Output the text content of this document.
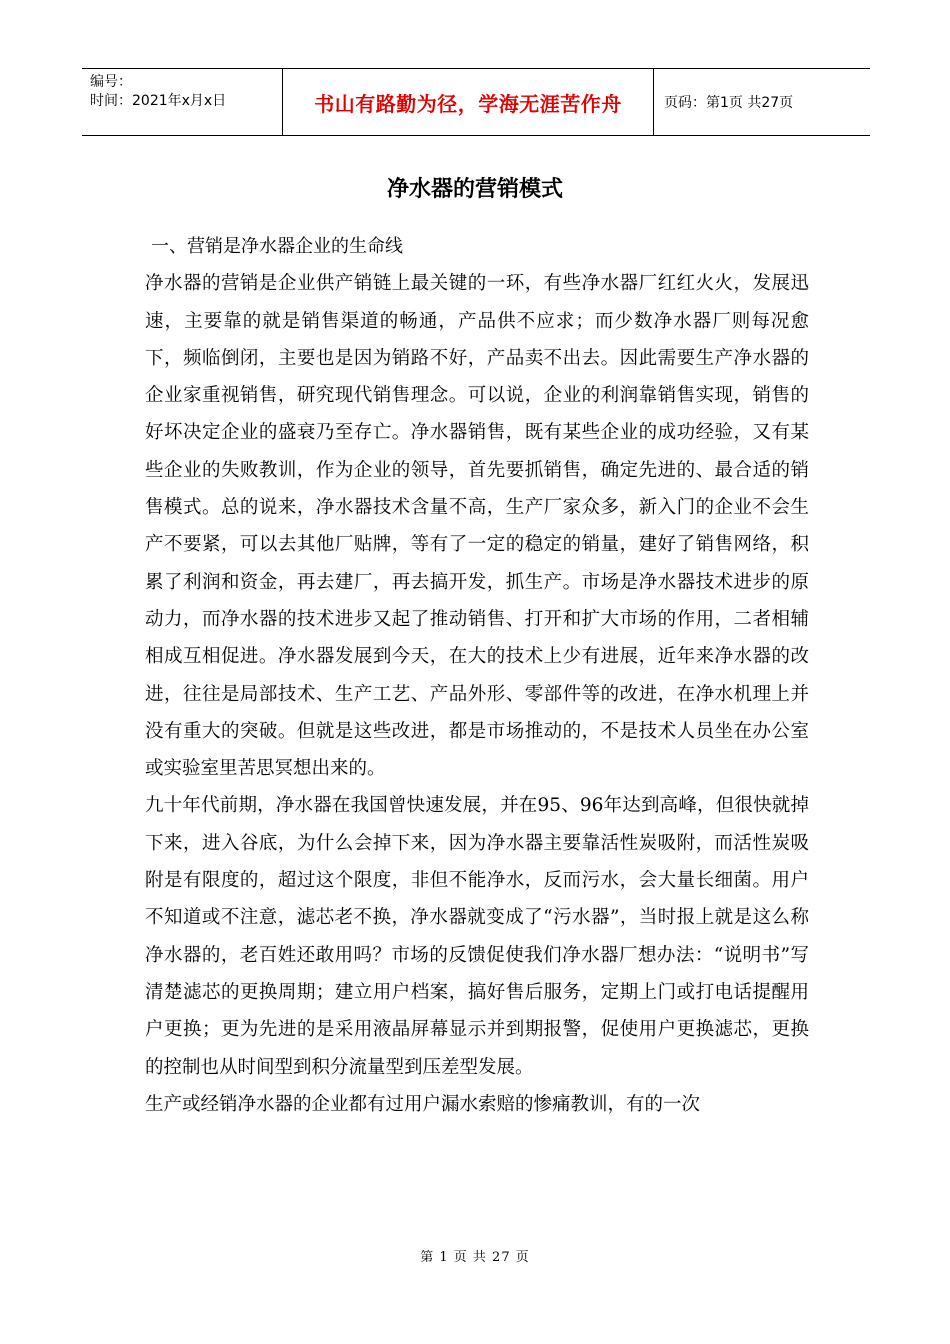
编号：
时间：2021年x月x日	书山有路勤为径，学海无涯苦作舟	页码：第1页 共27页
净水器的营销模式

一、营销是净水器企业的生命线

净水器的营销是企业供产销链上最关键的一环，有些净水器厂红红火火，发展迅速，主要靠的就是销售渠道的畅通，产品供不应求；而少数净水器厂则每况愈下，频临倒闭，主要也是因为销路不好，产品卖不出去。因此需要生产净水器的企业家重视销售，研究现代销售理念。可以说，企业的利润靠销售实现，销售的好坏决定企业的盛衰乃至存亡。净水器销售，既有某些企业的成功经验，又有某些企业的失败教训，作为企业的领导，首先要抓销售，确定先进的、最合适的销售模式。总的说来，净水器技术含量不高，生产厂家众多，新入门的企业不会生产不要紧，可以去其他厂贴牌，等有了一定的稳定的销量，建好了销售网络，积累了利润和资金，再去建厂，再去搞开发，抓生产。市场是净水器技术进步的原动力，而净水器的技术进步又起了推动销售、打开和扩大市场的作用，二者相辅相成互相促进。净水器发展到今天，在大的技术上少有进展，近年来净水器的改进，往往是局部技术、生产工艺、产品外形、零部件等的改进，在净水机理上并没有重大的突破。但就是这些改进，都是市场推动的，不是技术人员坐在办公室或实验室里苦思冥想出来的。

九十年代前期，净水器在我国曾快速发展，并在95、96年达到高峰，但很快就掉下来，进入谷底，为什么会掉下来，因为净水器主要靠活性炭吸附，而活性炭吸附是有限度的，超过这个限度，非但不能净水，反而污水，会大量长细菌。用户不知道或不注意，滤芯老不换，净水器就变成了“污水器”，当时报上就是这么称净水器的，老百姓还敢用吗？市场的反馈促使我们净水器厂想办法：“说明书”写清楚滤芯的更换周期；建立用户档案，搞好售后服务，定期上门或打电话提醒用户更换；更为先进的是采用液晶屏幕显示并到期报警，促使用户更换滤芯，更换的控制也从时间型到积分流量型到压差型发展。

生产或经销净水器的企业都有过用户漏水索赔的惨痛教训，有的一次

第 1 页 共 27 页
